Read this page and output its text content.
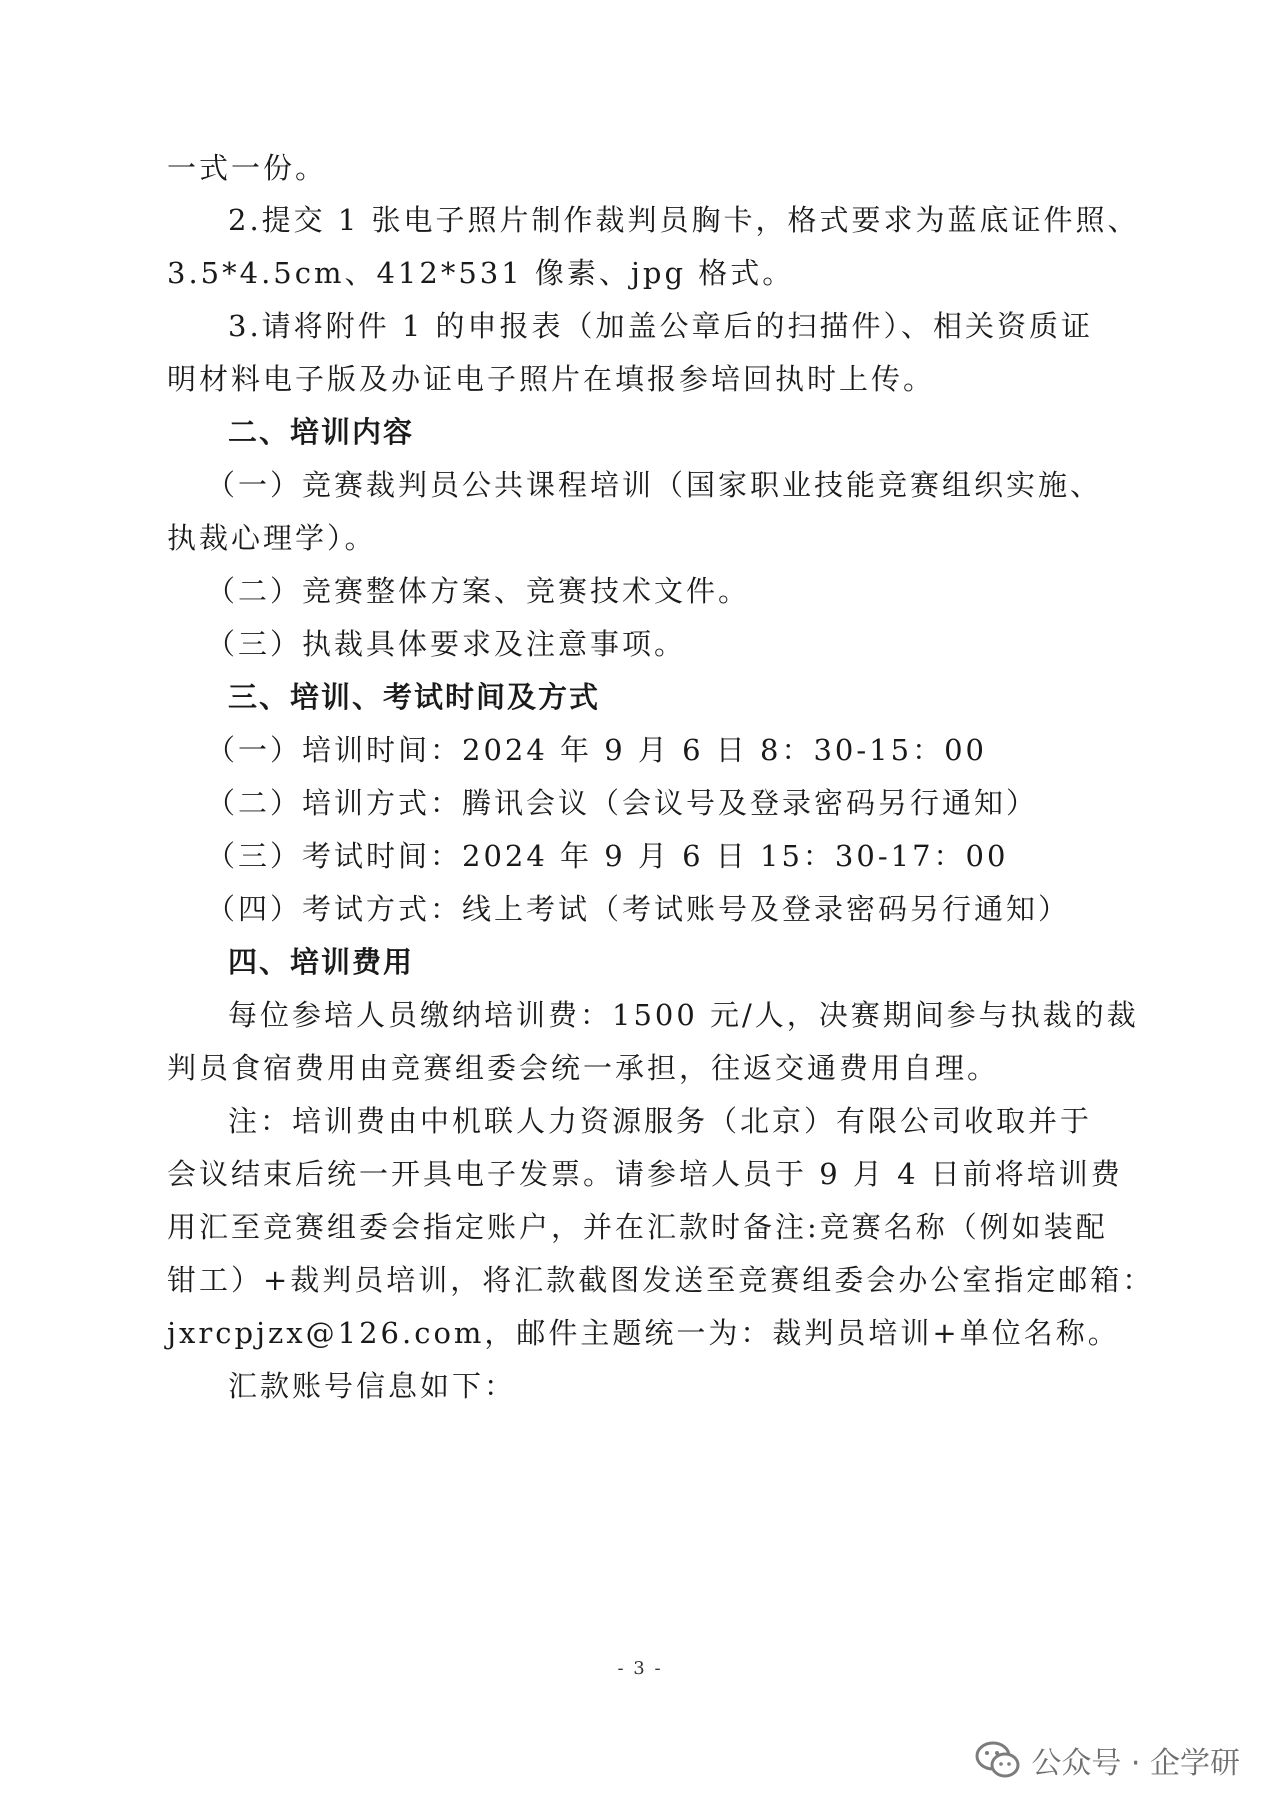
一式一份。
2.提交 1 张电子照片制作裁判员胸卡，格式要求为蓝底证件照、
3.5*4.5cm、412*531 像素、jpg 格式。
3.请将附件 1 的申报表（加盖公章后的扫描件）、相关资质证
明材料电子版及办证电子照片在填报参培回执时上传。
二、培训内容
（一）竞赛裁判员公共课程培训（国家职业技能竞赛组织实施、
执裁心理学）。
（二）竞赛整体方案、竞赛技术文件。
（三）执裁具体要求及注意事项。
三、培训、考试时间及方式
（一）培训时间：2024 年 9 月 6 日 8：30-15：00
（二）培训方式：腾讯会议（会议号及登录密码另行通知）
（三）考试时间：2024 年 9 月 6 日 15：30-17：00
（四）考试方式：线上考试（考试账号及登录密码另行通知）
四、培训费用
每位参培人员缴纳培训费：1500 元/人，决赛期间参与执裁的裁
判员食宿费用由竞赛组委会统一承担，往返交通费用自理。
注：培训费由中机联人力资源服务（北京）有限公司收取并于
会议结束后统一开具电子发票。请参培人员于 9 月 4 日前将培训费
用汇至竞赛组委会指定账户，并在汇款时备注:竞赛名称（例如装配
钳工）+裁判员培训，将汇款截图发送至竞赛组委会办公室指定邮箱：
jxrcpjzx@126.com，邮件主题统一为：裁判员培训+单位名称。
汇款账号信息如下：
- 3 -
公众号 · 企学研
